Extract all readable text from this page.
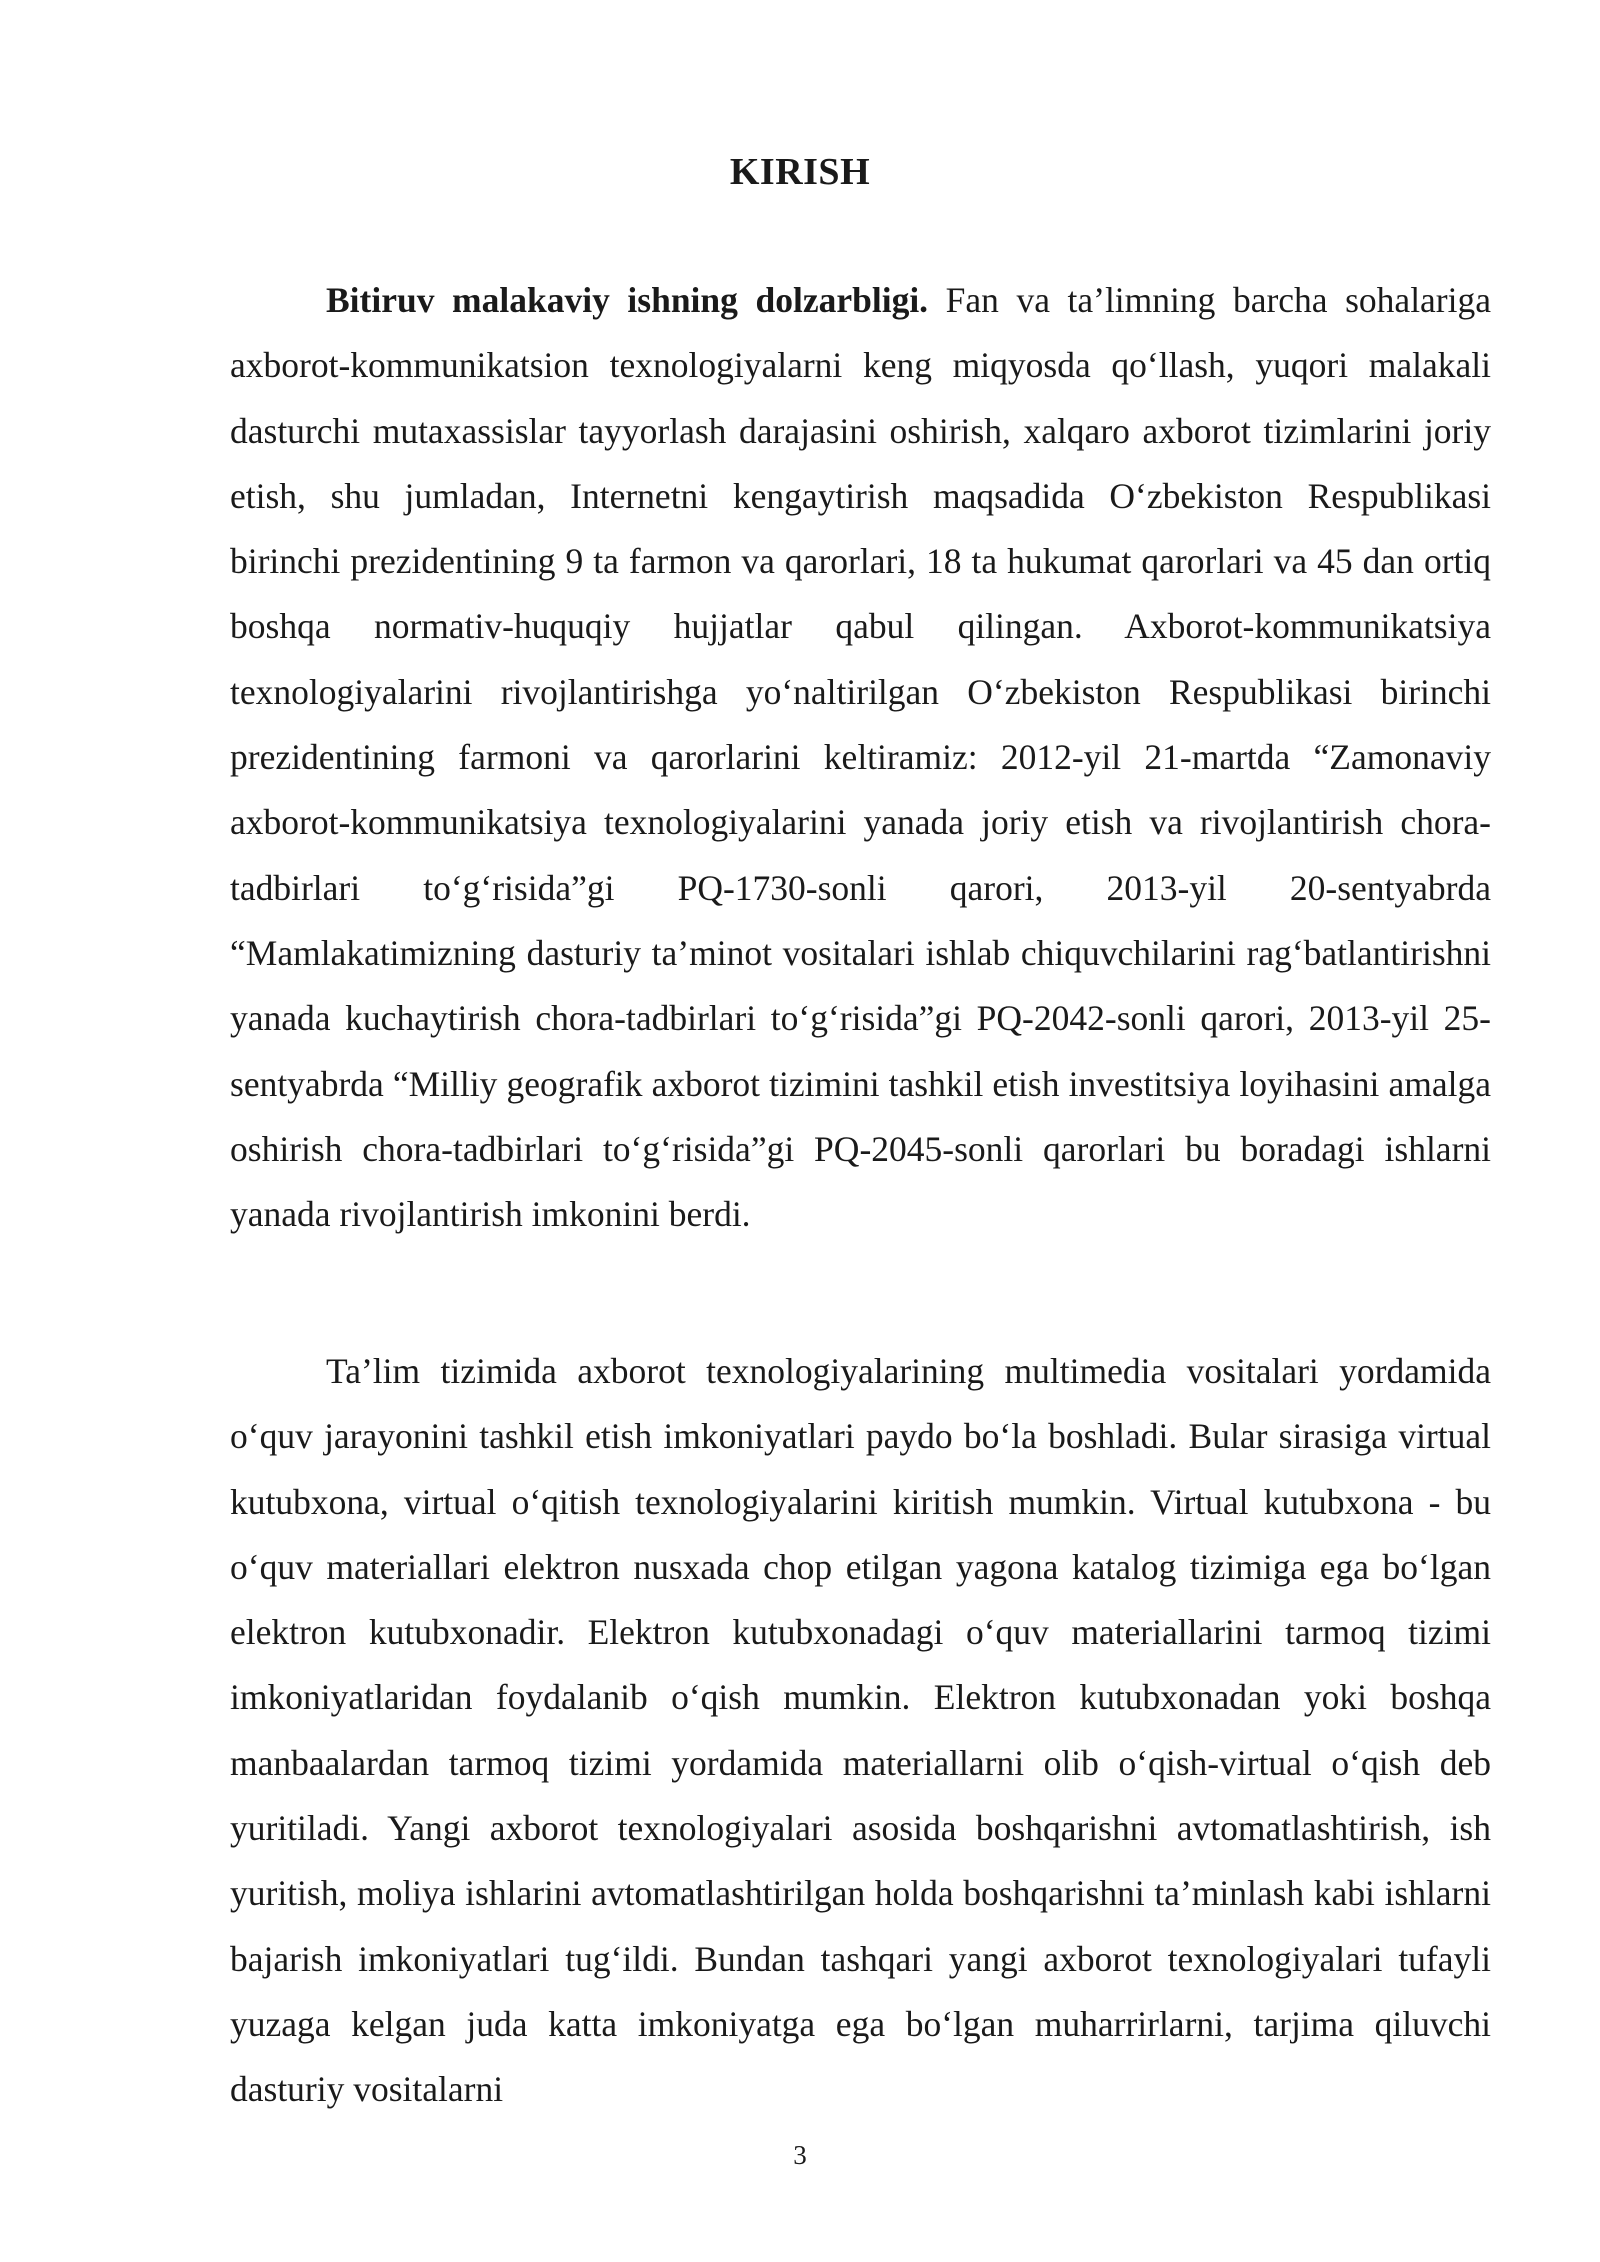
KIRISH

Bitiruv malakaviy ishning dolzarbligi. Fan va ta’limning barcha sohalariga axborot-kommunikatsion texnologiyalarni keng miqyosda qo‘llash, yuqori malakali dasturchi mutaxassislar tayyorlash darajasini oshirish, xalqaro axborot tizimlarini joriy etish, shu jumladan, Internetni kengaytirish maqsadida O‘zbekiston Respublikasi birinchi prezidentining 9 ta farmon va qarorlari, 18 ta hukumat qarorlari va 45 dan ortiq boshqa normativ-huquqiy hujjatlar qabul qilingan. Axborot-kommunikatsiya texnologiyalarini rivojlantirishga yo‘naltirilgan O‘zbekiston Respublikasi birinchi prezidentining farmoni va qarorlarini keltiramiz: 2012-yil 21-martda “Zamonaviy axborot-kommunikatsiya texnologiyalarini yanada joriy etish va rivojlantirish chora-tadbirlari to‘g‘risida”gi PQ-1730-sonli qarori, 2013-yil 20-sentyabrda “Mamlakatimizning dasturiy ta’minot vositalari ishlab chiquvchilarini rag‘batlantirishni yanada kuchaytirish chora-tadbirlari to‘g‘risida”gi PQ-2042-sonli qarori, 2013-yil 25-sentyabrda “Milliy geografik axborot tizimini tashkil etish investitsiya loyihasini amalga oshirish chora-tadbirlari to‘g‘risida”gi PQ-2045-sonli qarorlari bu boradagi ishlarni yanada rivojlantirish imkonini berdi.

Ta’lim tizimida axborot texnologiyalarining multimedia vositalari yordamida o‘quv jarayonini tashkil etish imkoniyatlari paydo bo‘la boshladi. Bular sirasiga virtual kutubxona, virtual o‘qitish texnologiyalarini kiritish mumkin. Virtual kutubxona - bu o‘quv materiallari elektron nusxada chop etilgan yagona katalog tizimiga ega bo‘lgan elektron kutubxonadir. Elektron kutubxonadagi o‘quv materiallarini tarmoq tizimi imkoniyatlaridan foydalanib o‘qish mumkin. Elektron kutubxonadan yoki boshqa manbaalardan tarmoq tizimi yordamida materiallarni olib o‘qish-virtual o‘qish deb yuritiladi. Yangi axborot texnologiyalari asosida boshqarishni avtomatlashtirish, ish yuritish, moliya ishlarini avtomatlashtirilgan holda boshqarishni ta’minlash kabi ishlarni bajarish imkoniyatlari tug‘ildi. Bundan tashqari yangi axborot texnologiyalari tufayli yuzaga kelgan juda katta imkoniyatga ega bo‘lgan muharrirlarni, tarjima qiluvchi dasturiy vositalarni

3
